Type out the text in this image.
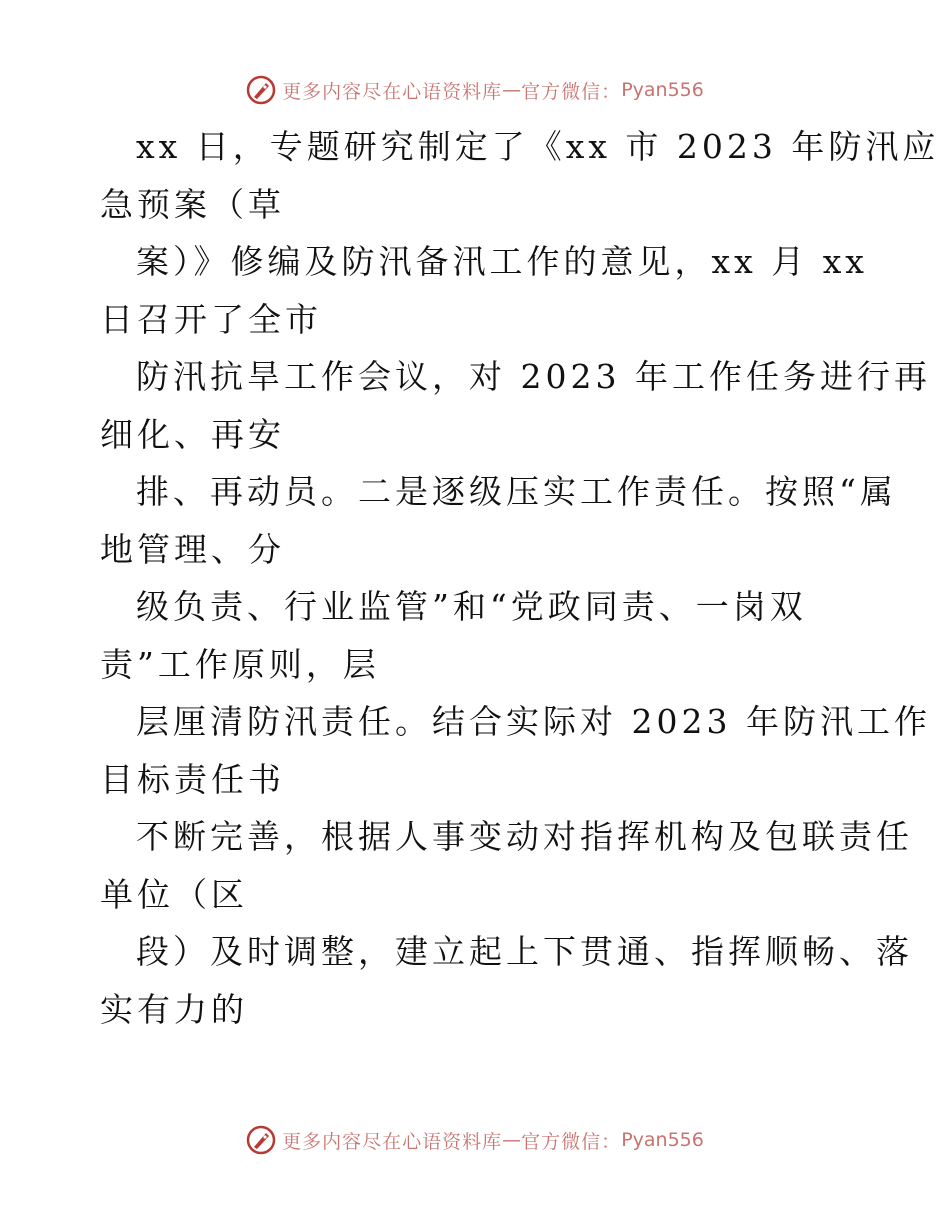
更多内容尽在心语资料库 — 官方微信： Pyan556
xx 日，专题研究制定了《xx 市 2023 年防汛应
急预案（草
案）》修编及防汛备汛工作的意见，xx 月 xx
日召开了全市
防汛抗旱工作会议，对 2023 年工作任务进行再
细化、再安
排、再动员。二是逐级压实工作责任。按照“属
地管理、分
级负责、行业监管”和“党政同责、一岗双
责”工作原则，层
层厘清防汛责任。结合实际对 2023 年防汛工作
目标责任书
不断完善，根据人事变动对指挥机构及包联责任
单位（区
段）及时调整，建立起上下贯通、指挥顺畅、落
实有力的
更多内容尽在心语资料库 — 官方微信： Pyan556
